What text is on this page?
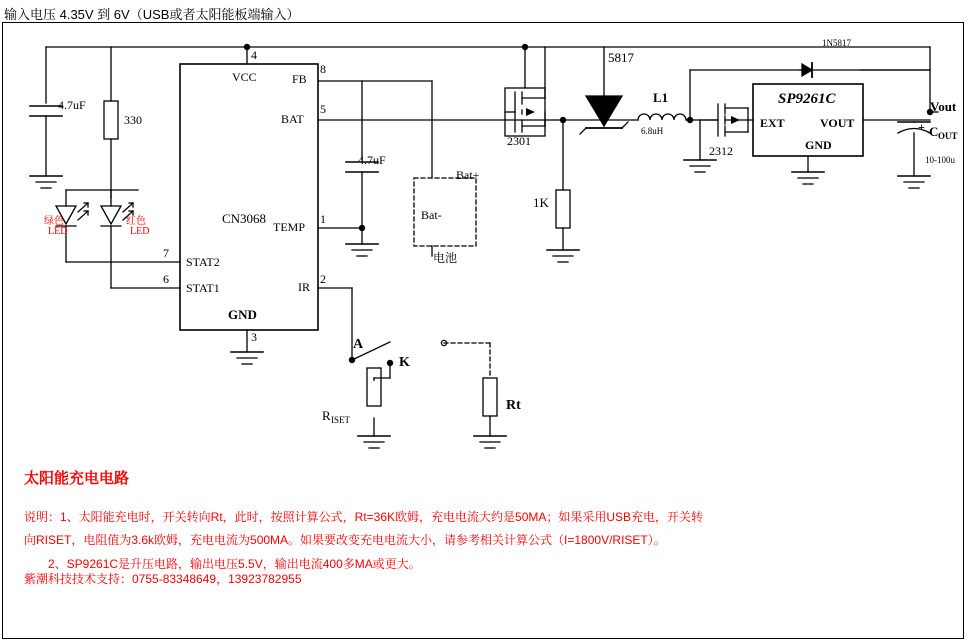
输入电压 4.35V 到 6V（USB或者太阳能板端输入）
4.7uF
330
绿色
LED
红色
LED
VCC
4
FB
8
BAT
5
TEMP
1
IR
2
STAT2
7
STAT1
6
GND
3
CN3068
4.7uF
Bat+
Bat-
电池
2301
5817
1K
L1
6.8uH
2312
1N5817
SP9261C
EXT	VOUT
GND
Vout
C OUT
10-100u
+
A
K
R ISET
Rt
太阳能充电电路
说明：1、太阳能充电时，开关转向Rt，此时，按照计算公式，Rt=36K欧姆，充电电流大约是50MA；如果采用USB充电，开关转
向RISET，电阻值为3.6k欧姆，充电电流为500MA。如果要改变充电电流大小，请参考相关计算公式（I=1800V/RISET）。
2、SP9261C是升压电路，输出电压5.5V，输出电流400多MA或更大。
紫潮科技技术支持：0755-83348649，13923782955
